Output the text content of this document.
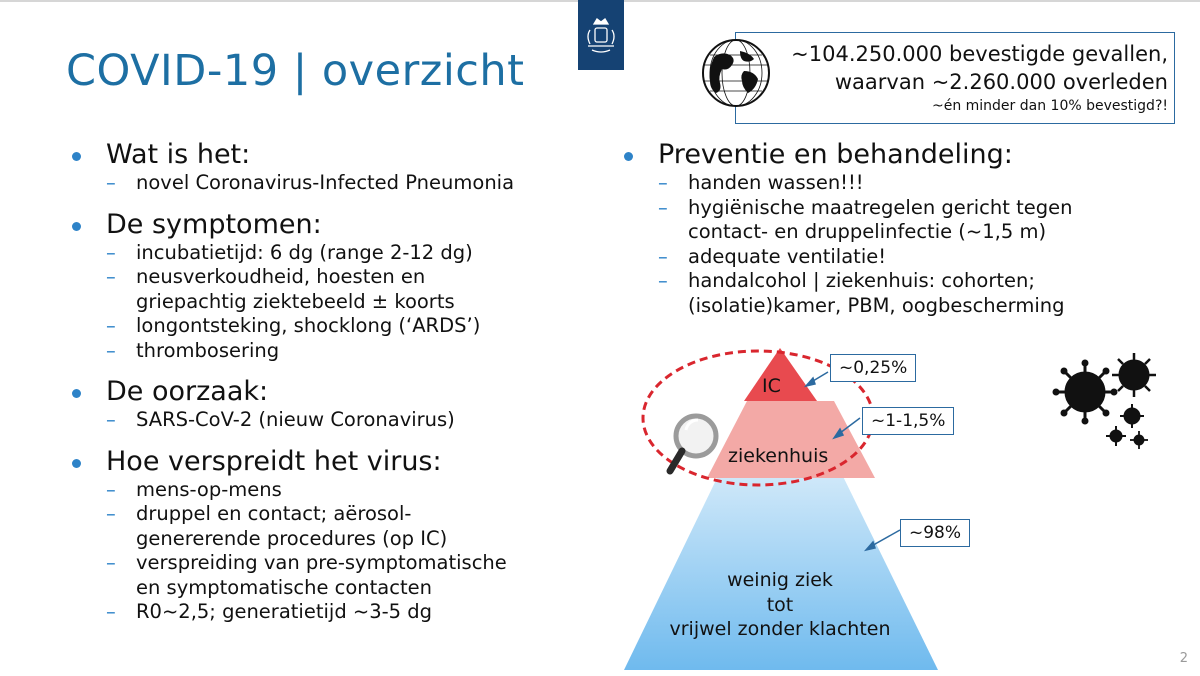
COVID-19 | overzicht	~104.250.000 bevestigde gevallen,
waarvan ~2.260.000 overleden
~én minder dan 10% bevestigd?!
Wat is het:
– novel Coronavirus-Infected Pneumonia
De symptomen:
– incubatietijd: 6 dg (range 2-12 dg)
– neusverkoudheid, hoesten en
griepachtig ziektebeeld ± koorts
– longontsteking, shocklong (‘ARDS’)
– thrombosering
De oorzaak:
– SARS-CoV-2 (nieuw Coronavirus)
Hoe verspreidt het virus:
– mens-op-mens
– druppel en contact; aërosol-
genererende procedures (op IC)
– verspreiding van pre-symptomatische
en symptomatische contacten
– R0~2,5; generatietijd ~3-5 dg
Preventie en behandeling:
– handen wassen!!!
– hygiënische maatregelen gericht tegen
contact- en druppelinfectie (~1,5 m)
– adequate ventilatie!
– handalcohol | ziekenhuis: cohorten;
(isolatie)kamer, PBM, oogbescherming
IC
ziekenhuis
weinig ziek
tot
vrijwel zonder klachten
~0,25%
~1-1,5%
~98%
2
